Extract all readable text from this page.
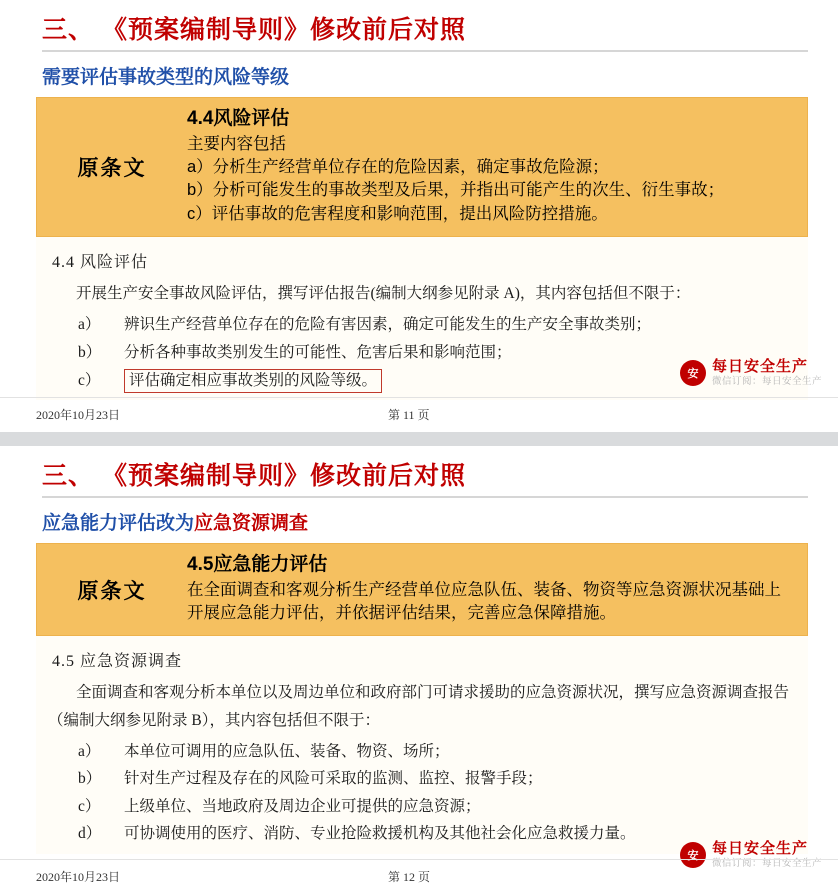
三、 《预案编制导则》修改前后对照
需要评估事故类型的风险等级
原条文
4.4风险评估
主要内容包括
a）分析生产经营单位存在的危险因素，确定事故危险源；
b）分析可能发生的事故类型及后果，并指出可能产生的次生、衍生事故；
c）评估事故的危害程度和影响范围，提出风险防控措施。
4.4 风险评估
开展生产安全事故风险评估，撰写评估报告(编制大纲参见附录 A)，其内容包括但不限于：
a）	辨识生产经营单位存在的危险有害因素，确定可能发生的生产安全事故类别；
b）	分析各种事故类别发生的可能性、危害后果和影响范围；
c）	评估确定相应事故类别的风险等级。	安 每日安全生产
微信订阅：每日安全生产
2020年10月23日	第 11 页
三、 《预案编制导则》修改前后对照
应急能力评估改为应急资源调查
原条文
4.5应急能力评估
在全面调查和客观分析生产经营单位应急队伍、装备、物资等应急资源状况基础上开展应急能力评估，并依据评估结果，完善应急保障措施。
4.5 应急资源调查
全面调查和客观分析本单位以及周边单位和政府部门可请求援助的应急资源状况，撰写应急资源调查报告（编制大纲参见附录 B），其内容包括但不限于：
a）	本单位可调用的应急队伍、装备、物资、场所；
b）	针对生产过程及存在的风险可采取的监测、监控、报警手段；
c）	上级单位、当地政府及周边企业可提供的应急资源；
d）	可协调使用的医疗、消防、专业抢险救援机构及其他社会化应急救援力量。
安 每日安全生产
微信订阅：每日安全生产
2020年10月23日	第 12 页
